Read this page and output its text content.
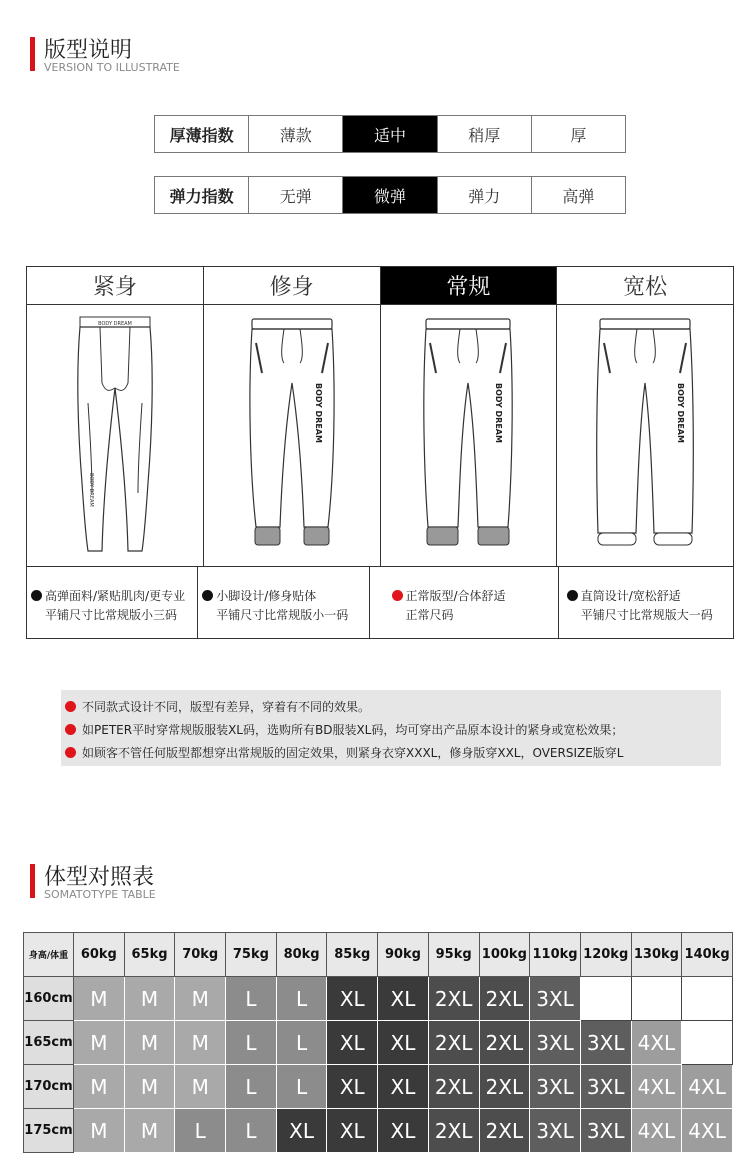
版型说明
VERSION TO ILLUSTRATE
厚薄指数	薄款	适中	稍厚	厚
弹力指数	无弹	微弹	弹力	高弹
紧身	修身	常规	宽松
BODY DREAM
BODY DREAM
BODY DREAM	BODY DREAM	BODY DREAM
高弹面料/紧贴肌肉/更专业
平铺尺寸比常规版小三码
小脚设计/修身贴体
平铺尺寸比常规版小一码
正常版型/合体舒适
正常尺码
直筒设计/宽松舒适
平铺尺寸比常规版大一码
不同款式设计不同，版型有差异，穿着有不同的效果。
如PETER平时穿常规版服装XL码，选购所有BD服装XL码，均可穿出产品原本设计的紧身或宽松效果；
如顾客不管任何版型都想穿出常规版的固定效果，则紧身衣穿XXXL，修身版穿XXL，OVERSIZE版穿L
体型对照表
SOMATOTYPE TABLE
身高/体重	60kg	65kg	70kg	75kg	80kg	85kg	90kg	95kg	100kg	110kg	120kg	130kg	140kg
160cm	M	M	M	L	L	XL	XL	2XL	2XL	3XL			
165cm	M	M	M	L	L	XL	XL	2XL	2XL	3XL	3XL	4XL	
170cm	M	M	M	L	L	XL	XL	2XL	2XL	3XL	3XL	4XL	4XL
175cm	M	M	L	L	XL	XL	XL	2XL	2XL	3XL	3XL	4XL	4XL
